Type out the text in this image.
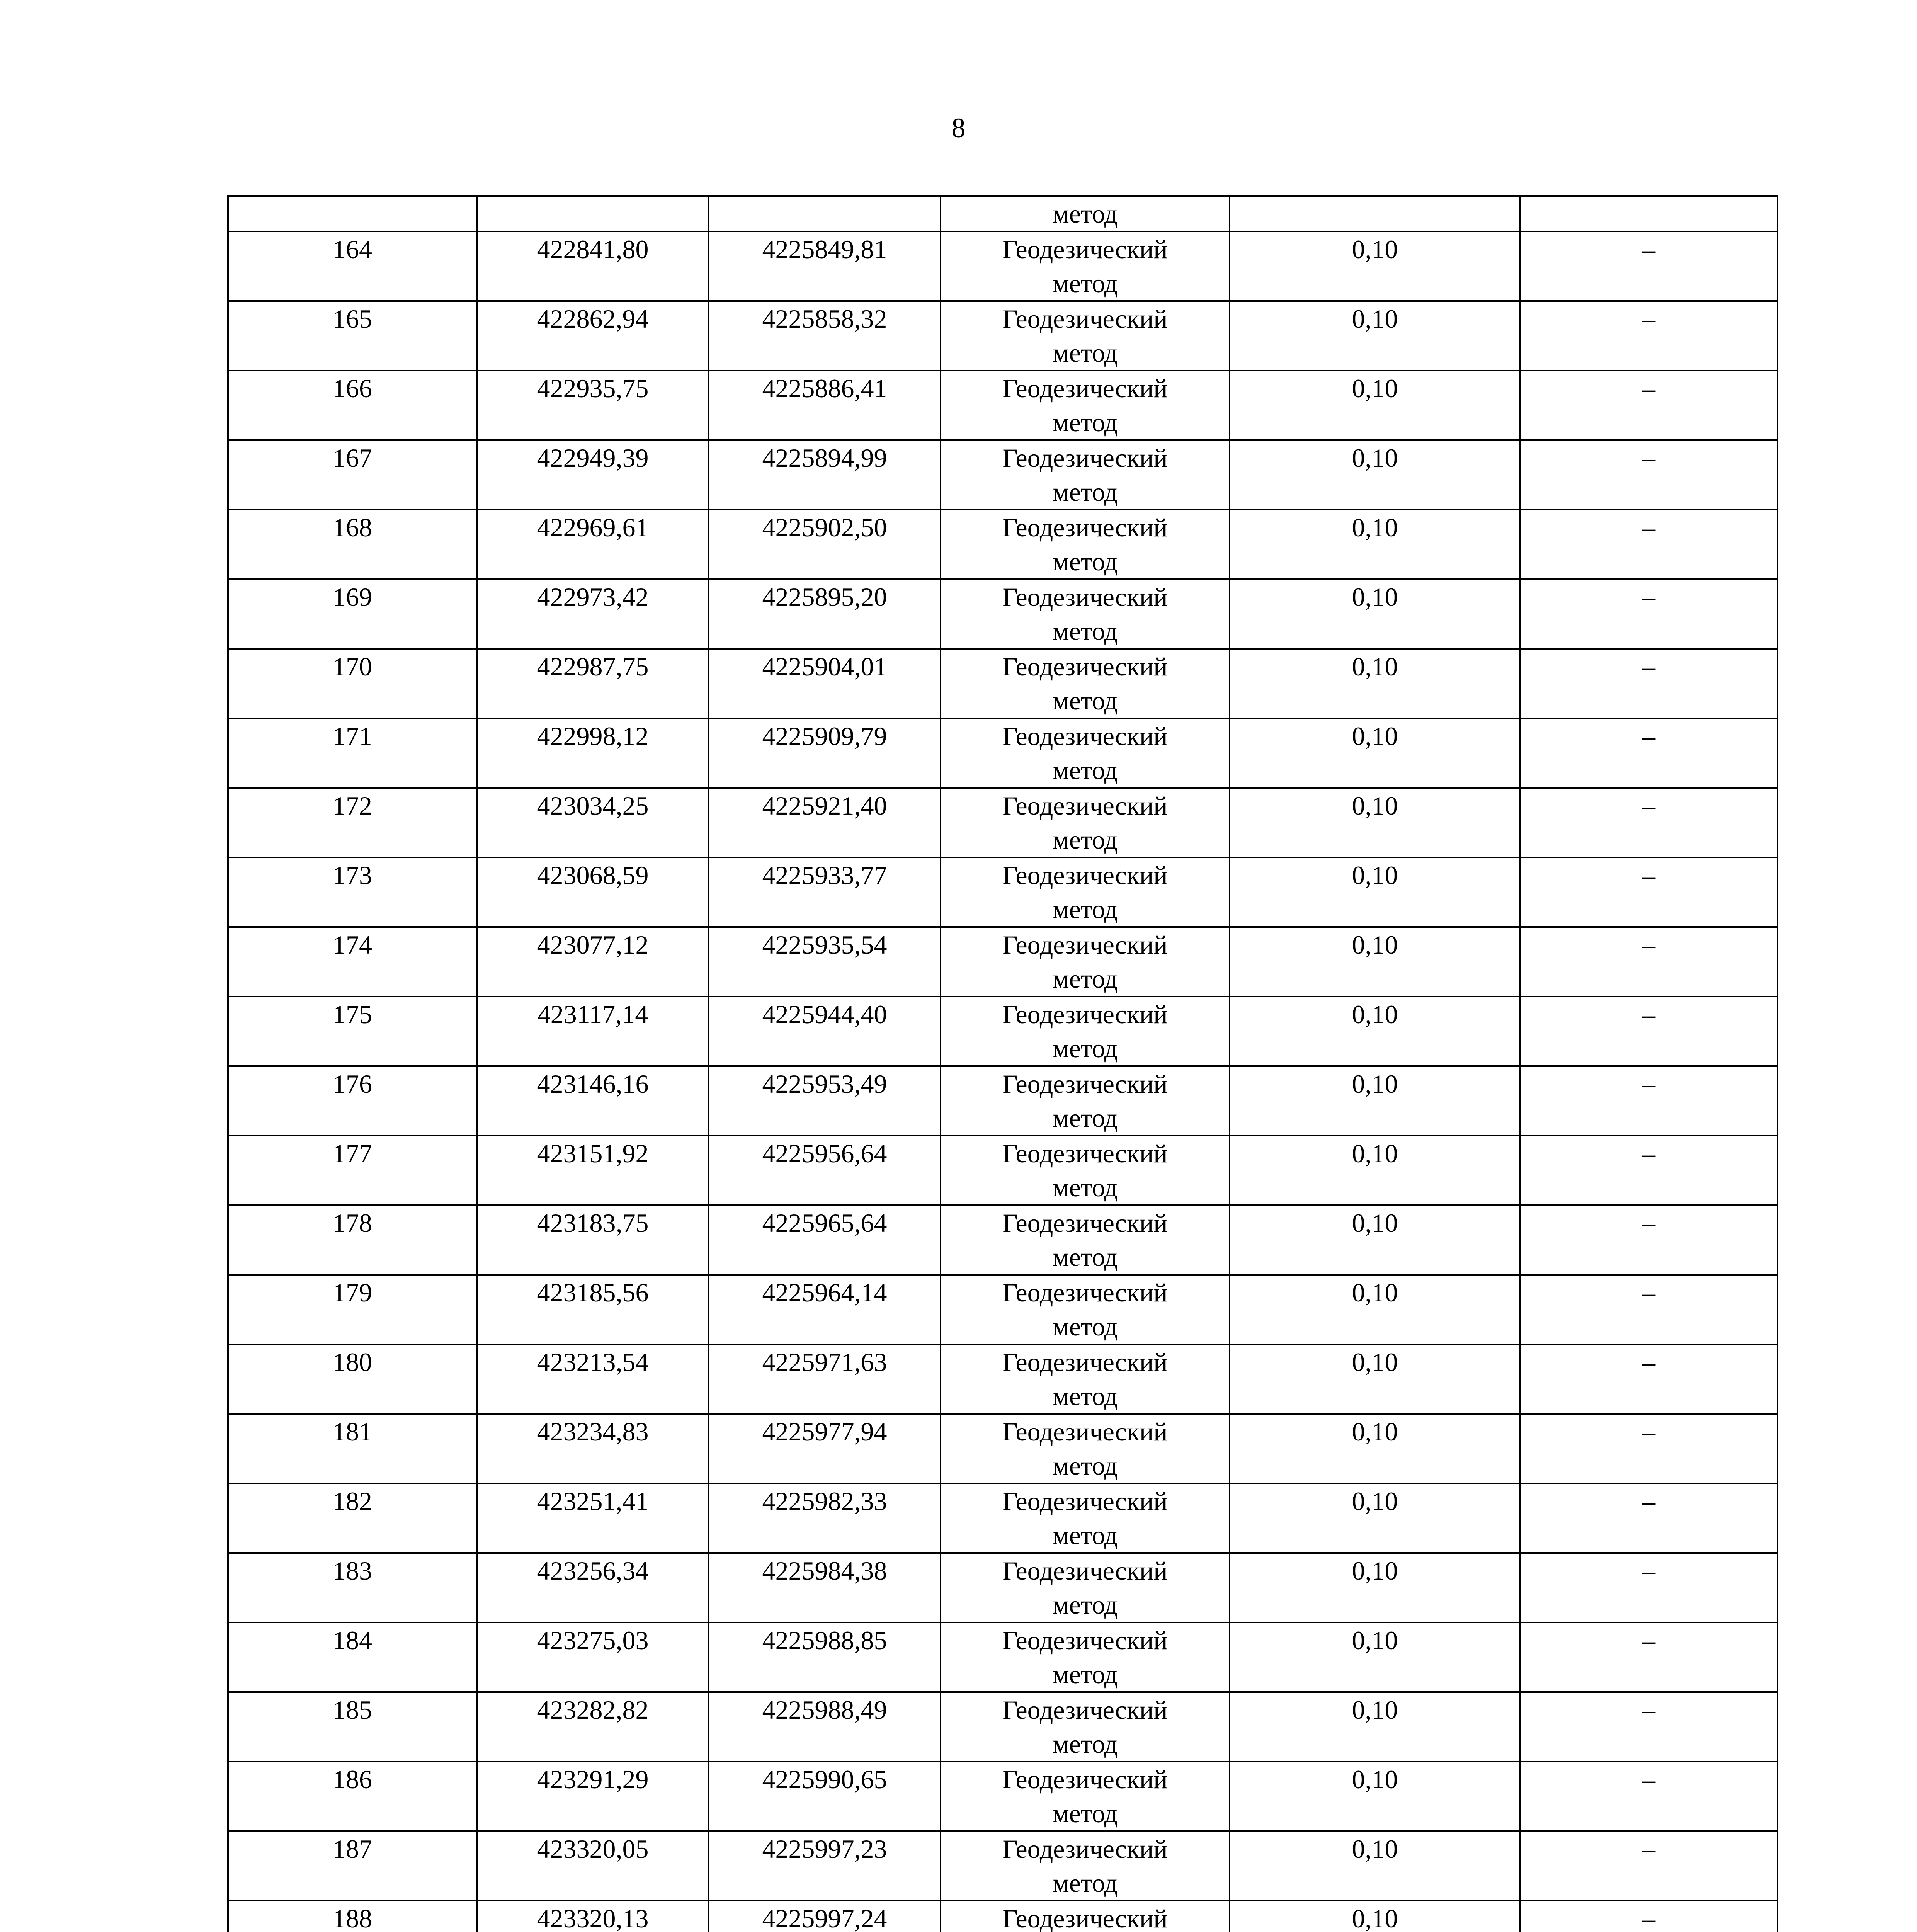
8
			метод		
164	422841,80	4225849,81	Геодезический
метод	0,10	–
165	422862,94	4225858,32	Геодезический
метод	0,10	–
166	422935,75	4225886,41	Геодезический
метод	0,10	–
167	422949,39	4225894,99	Геодезический
метод	0,10	–
168	422969,61	4225902,50	Геодезический
метод	0,10	–
169	422973,42	4225895,20	Геодезический
метод	0,10	–
170	422987,75	4225904,01	Геодезический
метод	0,10	–
171	422998,12	4225909,79	Геодезический
метод	0,10	–
172	423034,25	4225921,40	Геодезический
метод	0,10	–
173	423068,59	4225933,77	Геодезический
метод	0,10	–
174	423077,12	4225935,54	Геодезический
метод	0,10	–
175	423117,14	4225944,40	Геодезический
метод	0,10	–
176	423146,16	4225953,49	Геодезический
метод	0,10	–
177	423151,92	4225956,64	Геодезический
метод	0,10	–
178	423183,75	4225965,64	Геодезический
метод	0,10	–
179	423185,56	4225964,14	Геодезический
метод	0,10	–
180	423213,54	4225971,63	Геодезический
метод	0,10	–
181	423234,83	4225977,94	Геодезический
метод	0,10	–
182	423251,41	4225982,33	Геодезический
метод	0,10	–
183	423256,34	4225984,38	Геодезический
метод	0,10	–
184	423275,03	4225988,85	Геодезический
метод	0,10	–
185	423282,82	4225988,49	Геодезический
метод	0,10	–
186	423291,29	4225990,65	Геодезический
метод	0,10	–
187	423320,05	4225997,23	Геодезический
метод	0,10	–
188	423320,13	4225997,24	Геодезический	0,10	–
